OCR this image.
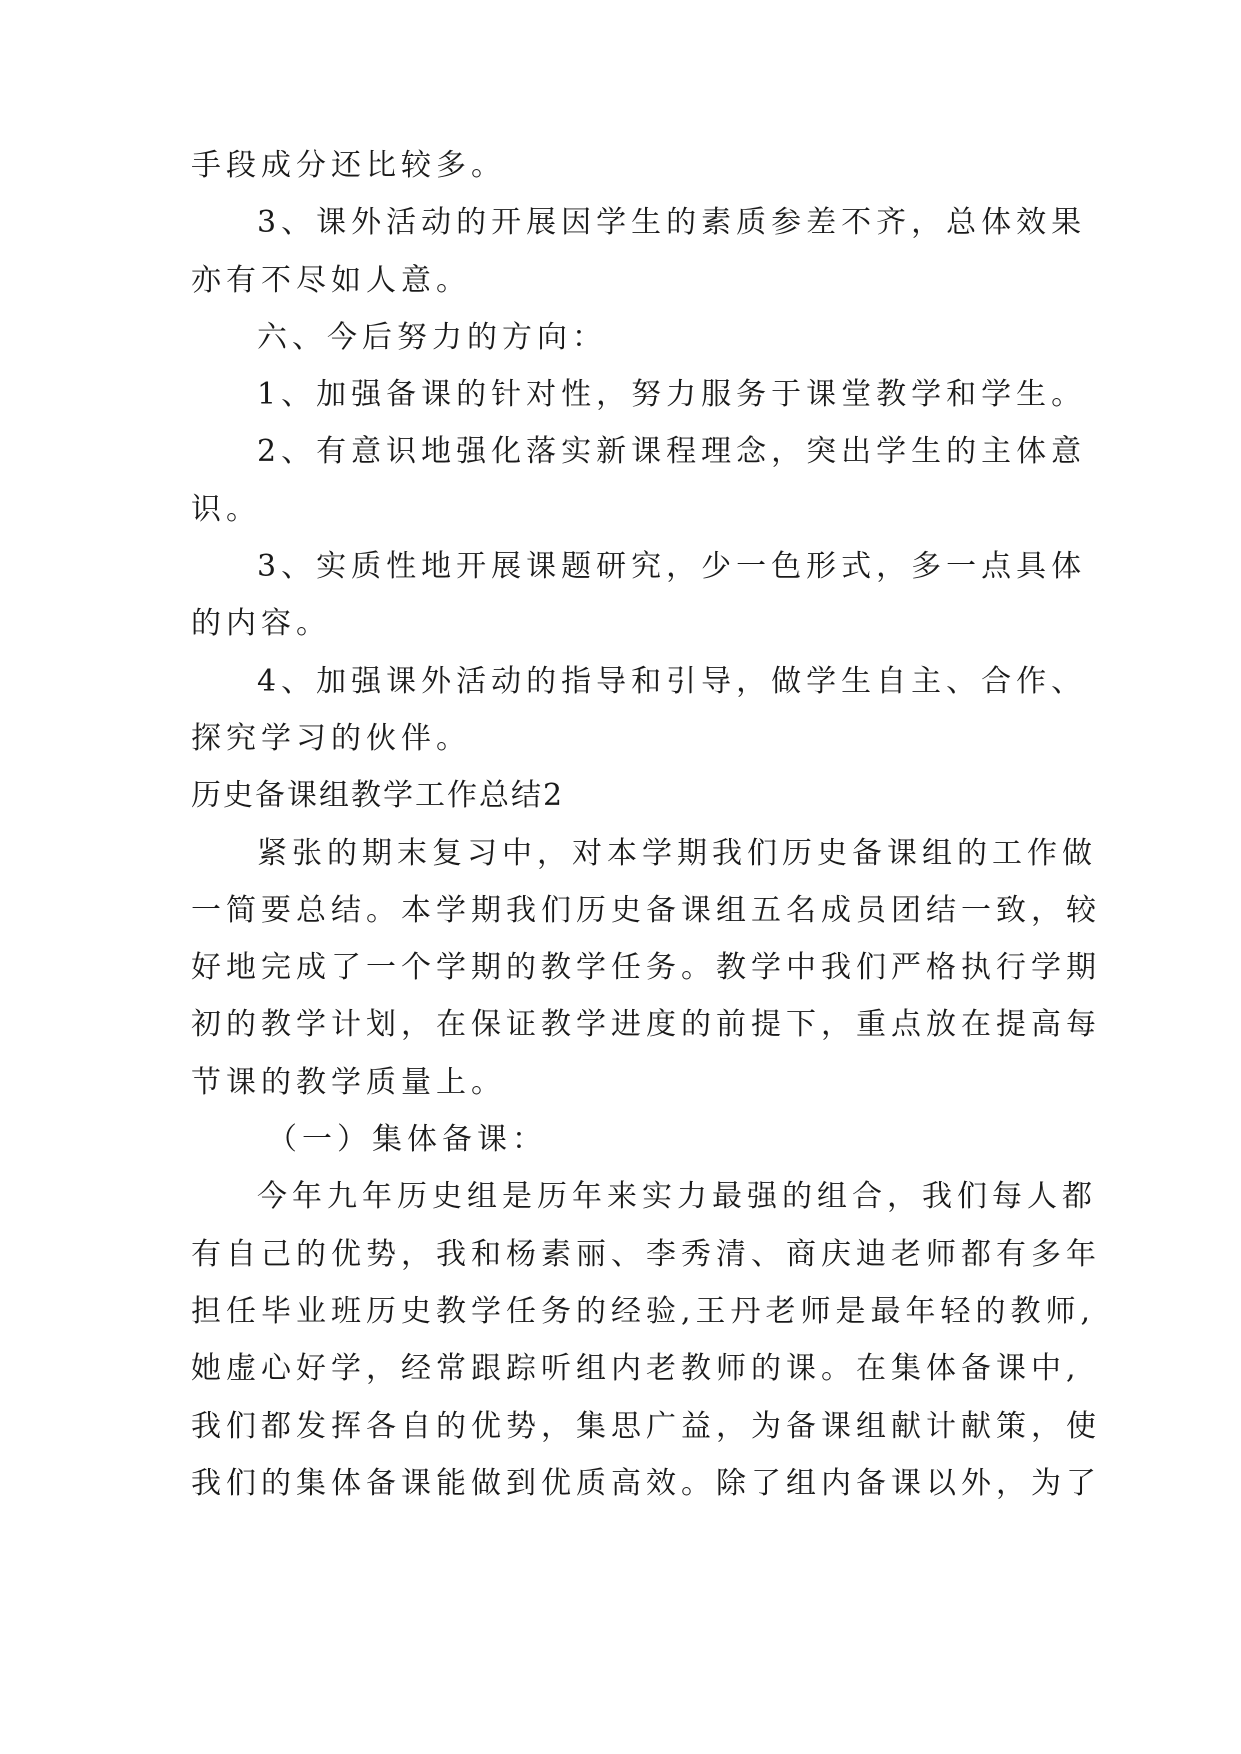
手段成分还比较多。
3、课外活动的开展因学生的素质参差不齐，总体效果
亦有不尽如人意。
六、今后努力的方向：
1、加强备课的针对性，努力服务于课堂教学和学生。
2、有意识地强化落实新课程理念，突出学生的主体意
识。
3、实质性地开展课题研究，少一色形式，多一点具体
的内容。
4、加强课外活动的指导和引导，做学生自主、合作、
探究学习的伙伴。
历史备课组教学工作总结2
紧张的期末复习中，对本学期我们历史备课组的工作做
一简要总结。本学期我们历史备课组五名成员团结一致，较
好地完成了一个学期的教学任务。教学中我们严格执行学期
初的教学计划，在保证教学进度的前提下，重点放在提高每
节课的教学质量上。
（一）集体备课：
今年九年历史组是历年来实力最强的组合，我们每人都
有自己的优势，我和杨素丽、李秀清、商庆迪老师都有多年
担任毕业班历史教学任务的经验,王丹老师是最年轻的教师,
她虚心好学，经常跟踪听组内老教师的课。在集体备课中,
我们都发挥各自的优势，集思广益，为备课组献计献策，使
我们的集体备课能做到优质高效。除了组内备课以外，为了
